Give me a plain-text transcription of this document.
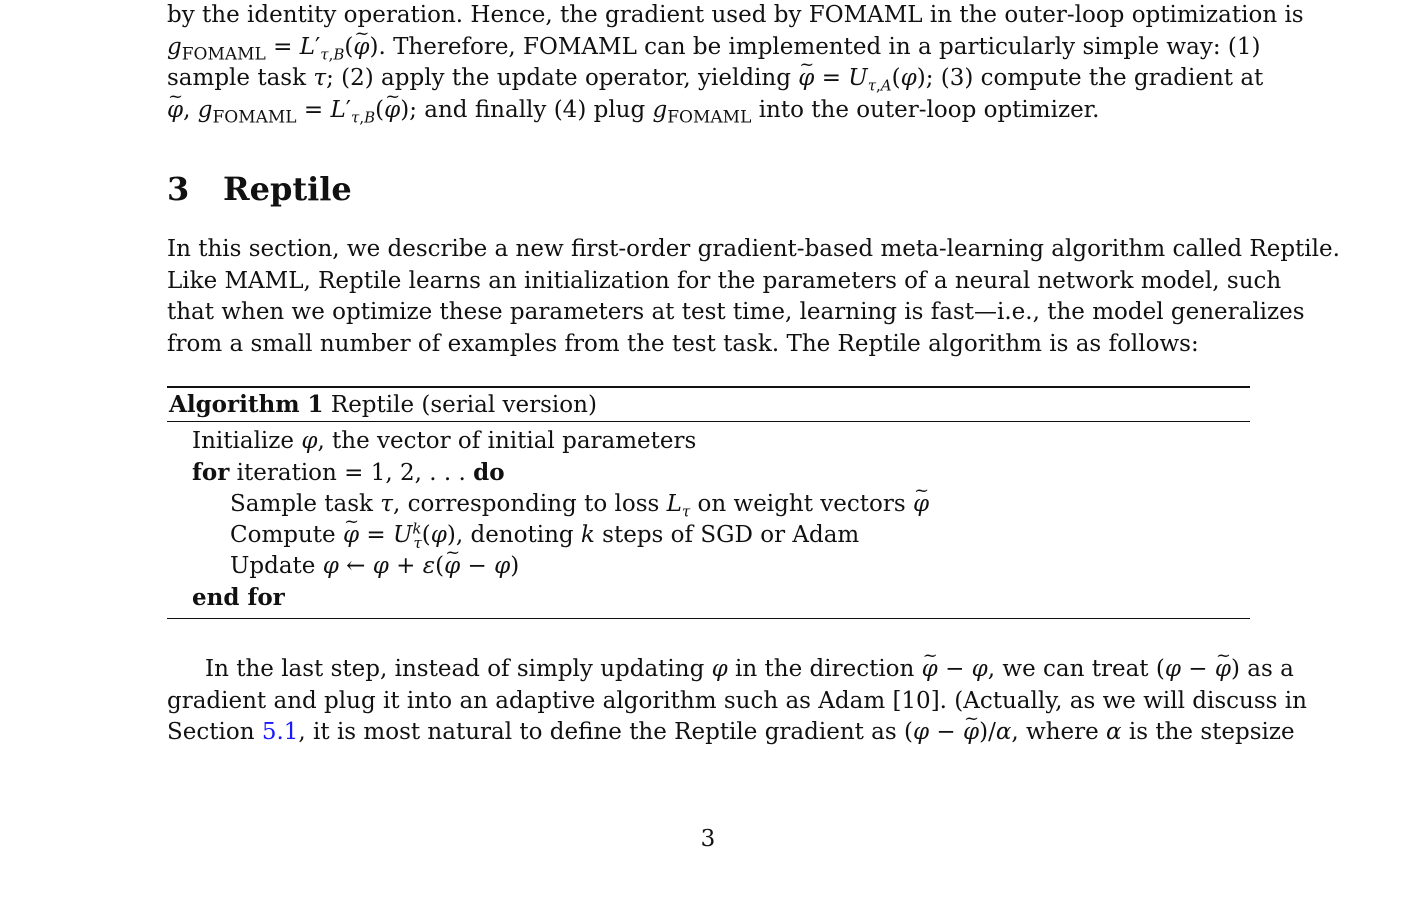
by the identity operation. Hence, the gradient used by FOMAML in the outer-loop optimization is
$g_{FOMAML}$ = $L'_{\tau,B}(\sim$ φ). Therefore, FOMAML can be implemented in a particularly simple way: (1)
sample task τ; (2) apply the update operator, yielding ~ $\varphi = U_{\tau,A}(\varphi)$; (3) compute the gradient at
~ φ, $g_{FOMAML}$ = $L'_{\tau,B}(\sim$ φ); and finally (4) plug $g_{FOMAML}$ into the outer-loop optimizer.
3 Reptile
In this section, we describe a new first-order gradient-based meta-learning algorithm called Reptile.
Like MAML, Reptile learns an initialization for the parameters of a neural network model, such
that when we optimize these parameters at test time, learning is fast—i.e., the model generalizes
from a small number of examples from the test task. The Reptile algorithm is as follows:
Algorithm 1 Reptile (serial version)
Initialize φ, the vector of initial parameters
for iteration = 1, 2, . . . do
Sample task τ, corresponding to loss $L_\tau$ on weight vectors ~ φ
Compute ~ $\varphi = U^k_\tau(\varphi)$, denoting k steps of SGD or Adam
Update φ ← φ + ε(~ φ − φ)
end for
In the last step, instead of simply updating φ in the direction ~ φ − φ, we can treat (φ − ~ φ) as a
gradient and plug it into an adaptive algorithm such as Adam [10]. (Actually, as we will discuss in
Section 5.1, it is most natural to define the Reptile gradient as (φ − ~ φ)/α, where α is the stepsize
3
